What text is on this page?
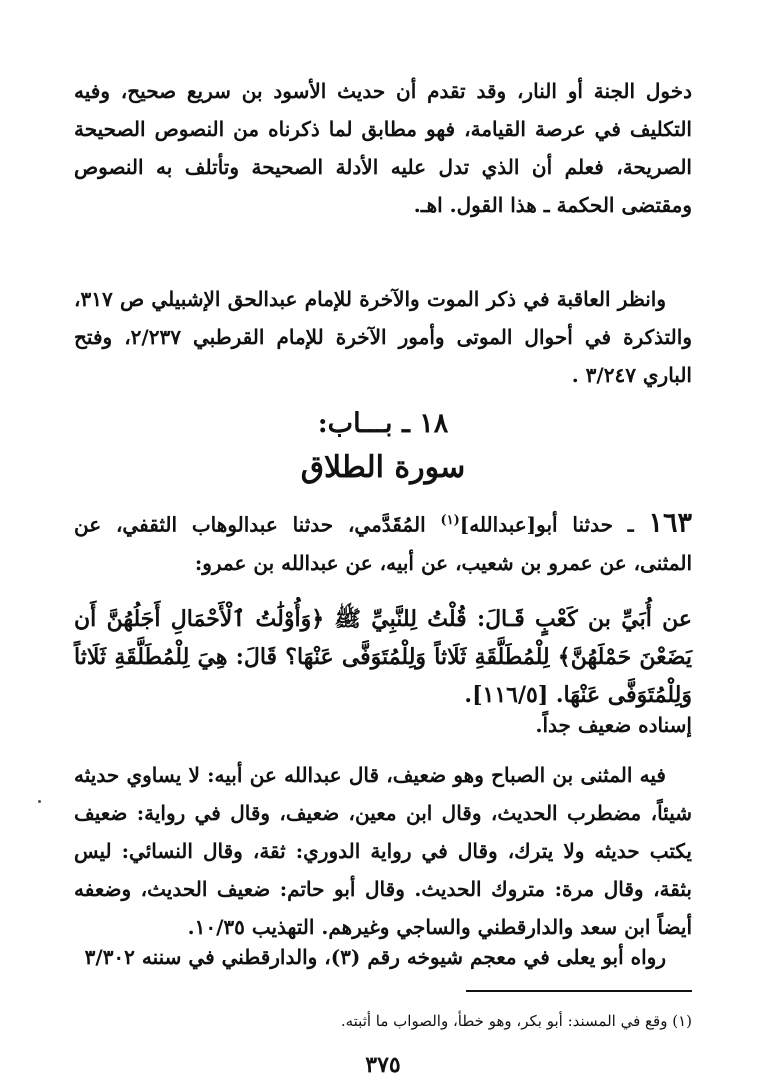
دخول الجنة أو النار، وقد تقدم أن حديث الأسود بن سريع صحيح، وفيه التكليف في عرصة القيامة، فهو مطابق لما ذكرناه من النصوص الصحيحة الصريحة، فعلم أن الذي تدل عليه الأدلة الصحيحة وتأتلف به النصوص ومقتضى الحكمة ـ هذا القول. اهـ.

وانظر العاقبة في ذكر الموت والآخرة للإمام عبدالحق الإشبيلي ص ٣١٧، والتذكرة في أحوال الموتى وأمور الآخرة للإمام القرطبي ٢/٢٣٧، وفتح الباري ٣/٢٤٧ .

١٨ ـ بـــاب:
سورة الطلاق

١٦٣ ـ حدثنا أبو[عبدالله]$^{(١)}$ المُقَدَّمي، حدثنا عبدالوهاب الثقفي، عن المثنى، عن عمرو بن شعيب، عن أبيه، عن عبدالله بن عمرو:

عن أُبَيِّ بن كَعْبٍ قَـالَ: قُلْتُ لِلنَّبِيِّ ﷺ ﴿وَأُوْلَٰتُ ٱلْأَحْمَالِ أَجَلُهُنَّ أَن يَضَعْنَ حَمْلَهُنَّ﴾ لِلْمُطَلَّقَةِ ثَلَاثاً وَلِلْمُتَوَفَّى عَنْهَا؟ قَالَ: هِيَ لِلْمُطَلَّقَةِ ثَلَاثاً وَلِلْمُتَوَفَّى عَنْهَا. [١١٦/٥].

إسناده ضعيف جداً.

فيه المثنى بن الصباح وهو ضعيف، قال عبدالله عن أبيه: لا يساوي حديثه شيئاً، مضطرب الحديث، وقال ابن معين، ضعيف، وقال في رواية: ضعيف يكتب حديثه ولا يترك، وقال في رواية الدوري: ثقة، وقال النسائي: ليس بثقة، وقال مرة: متروك الحديث. وقال أبو حاتم: ضعيف الحديث، وضعفه أيضاً ابن سعد والدارقطني والساجي وغيرهم. التهذيب ١٠/٣٥.

رواه أبو يعلى في معجم شيوخه رقم (٣)، والدارقطني في سننه ٣/٣٠٢

(١) وقع في المسند: أبو بكر، وهو خطأ، والصواب ما أثبته.

٣٧٥
